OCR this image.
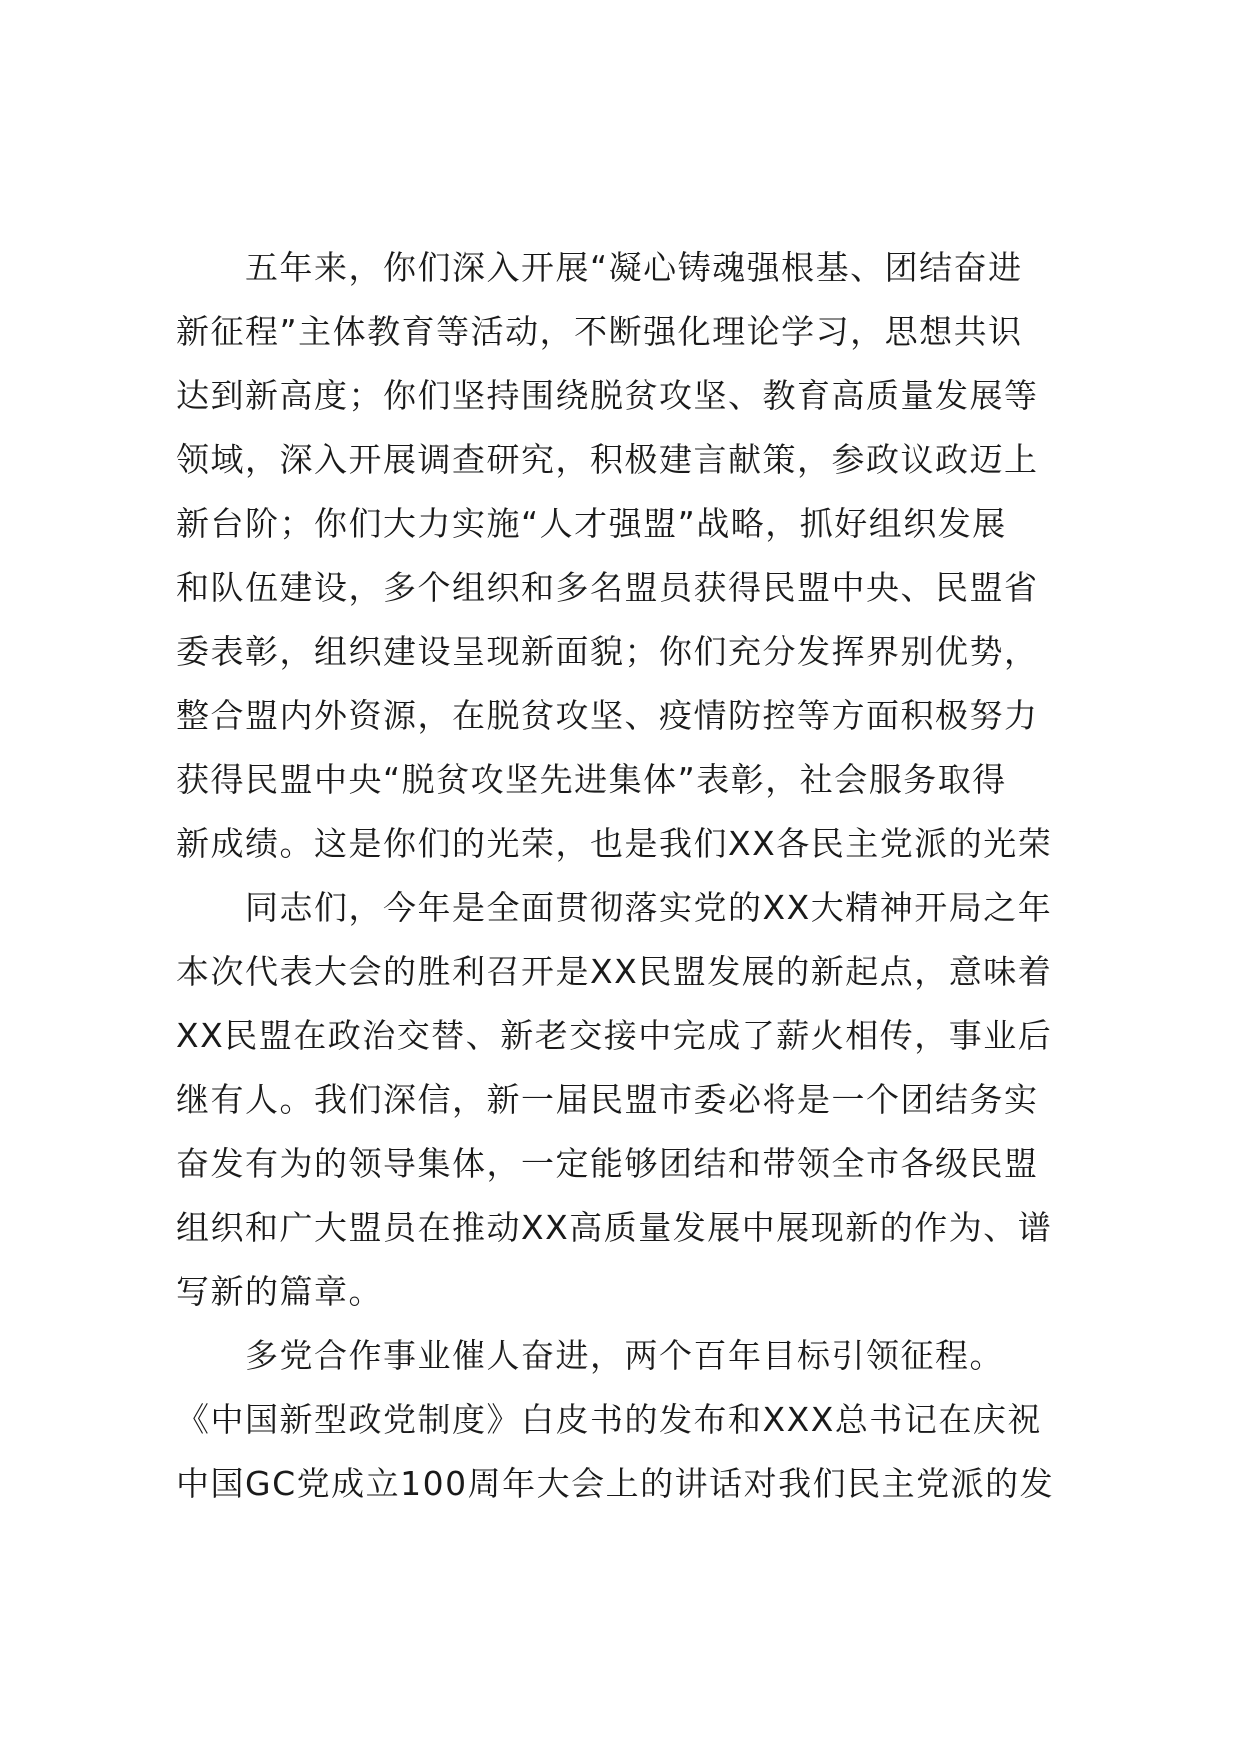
　　五年来，你们深入开展“凝心铸魂强根基、团结奋进
新征程”主体教育等活动，不断强化理论学习，思想共识
达到新高度；你们坚持围绕脱贫攻坚、教育高质量发展等
领域，深入开展调查研究，积极建言献策，参政议政迈上
新台阶；你们大力实施“人才强盟”战略，抓好组织发展
和队伍建设，多个组织和多名盟员获得民盟中央、民盟省
委表彰，组织建设呈现新面貌；你们充分发挥界别优势，
整合盟内外资源，在脱贫攻坚、疫情防控等方面积极努力
获得民盟中央“脱贫攻坚先进集体”表彰，社会服务取得
新成绩。这是你们的光荣，也是我们XX各民主党派的光荣
　　同志们，今年是全面贯彻落实党的XX大精神开局之年
本次代表大会的胜利召开是XX民盟发展的新起点，意味着
XX民盟在政治交替、新老交接中完成了薪火相传，事业后
继有人。我们深信，新一届民盟市委必将是一个团结务实
奋发有为的领导集体，一定能够团结和带领全市各级民盟
组织和广大盟员在推动XX高质量发展中展现新的作为、谱
写新的篇章。
　　多党合作事业催人奋进，两个百年目标引领征程。
《中国新型政党制度》白皮书的发布和XXX总书记在庆祝
中国GC党成立100周年大会上的讲话对我们民主党派的发
